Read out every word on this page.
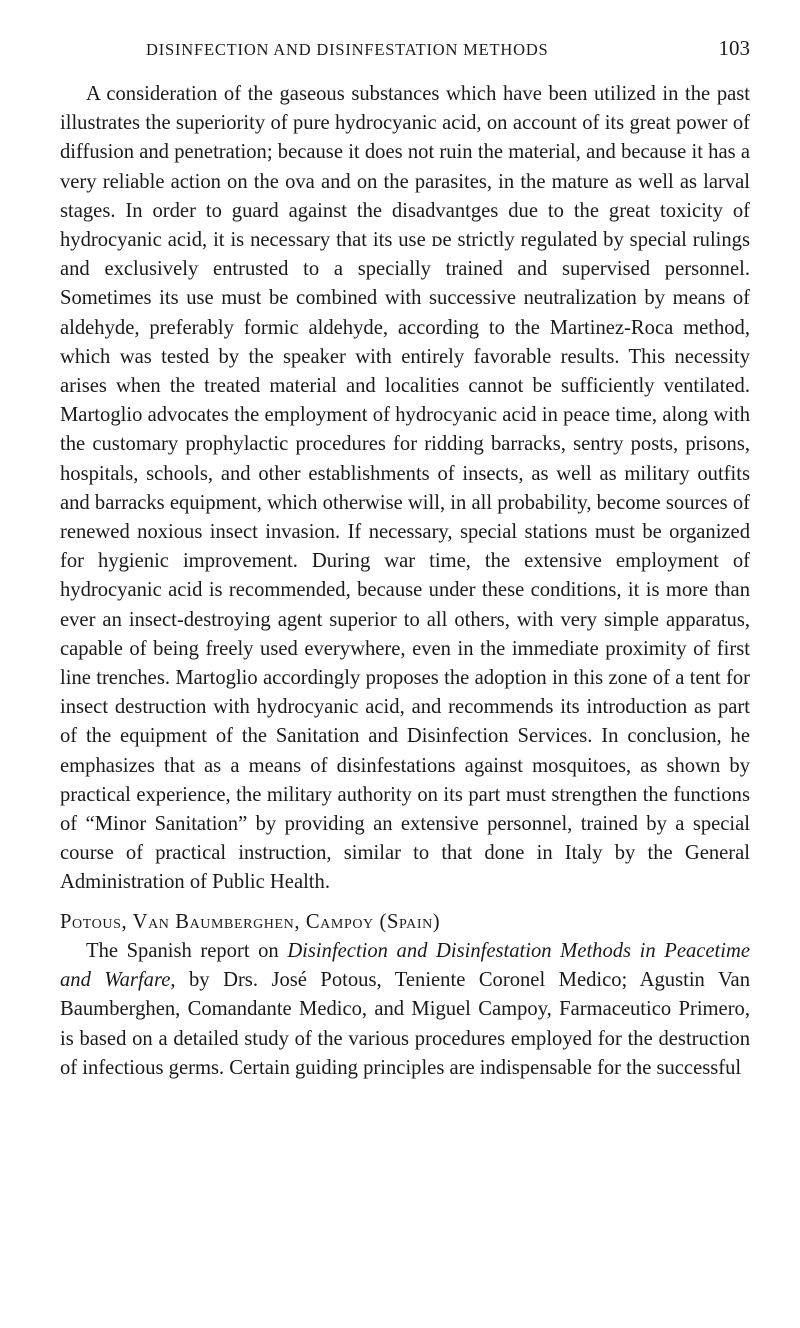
DISINFECTION AND DISINFESTATION METHODS	103

A consideration of the gaseous substances which have been utilized in the past illustrates the superiority of pure hydrocyanic acid, on account of its great power of diffusion and penetration; because it does not ruin the material, and because it has a very reliable action on the ova and on the parasites, in the mature as well as larval stages. In order to guard against the disadvantges due to the great toxicity of hydrocyanic acid, it is necessary that its use ᴅe strictly regulated by special rulings and exclusively entrusted to a specially trained and supervised personnel. Sometimes its use must be combined with successive neutralization by means of aldehyde, preferably formic aldehyde, according to the Martinez-Roca method, which was tested by the speaker with entirely favorable results. This necessity arises when the treated material and localities cannot be sufficiently ventilated. Martoglio advocates the employment of hydrocyanic acid in peace time, along with the customary prophylactic procedures for ridding barracks, sentry posts, prisons, hospitals, schools, and other establishments of insects, as well as military outfits and barracks equipment, which otherwise will, in all probability, become sources of renewed noxious insect invasion. If necessary, special stations must be organized for hygienic improvement. During war time, the extensive employment of hydrocyanic acid is recommended, because under these conditions, it is more than ever an insect-destroying agent superior to all others, with very simple apparatus, capable of being freely used everywhere, even in the immediate proximity of first line trenches. Martoglio accordingly proposes the adoption in this zone of a tent for insect destruction with hydrocyanic acid, and recommends its introduction as part of the equipment of the Sanitation and Disinfection Services. In conclusion, he emphasizes that as a means of disinfestations against mosquitoes, as shown by practical experience, the military authority on its part must strengthen the functions of “Minor Sanitation” by providing an extensive personnel, trained by a special course of practical instruction, similar to that done in Italy by the General Administration of Public Health.

Potous, Van Baumberghen, Campoy (Spain)

The Spanish report on Disinfection and Disinfestation Methods in Peacetime and Warfare, by Drs. José Potous, Teniente Coronel Medico; Agustin Van Baumberghen, Comandante Medico, and Miguel Campoy, Farmaceutico Primero, is based on a detailed study of the various procedures employed for the destruction of infectious germs. Certain guiding principles are indispensable for the successful
